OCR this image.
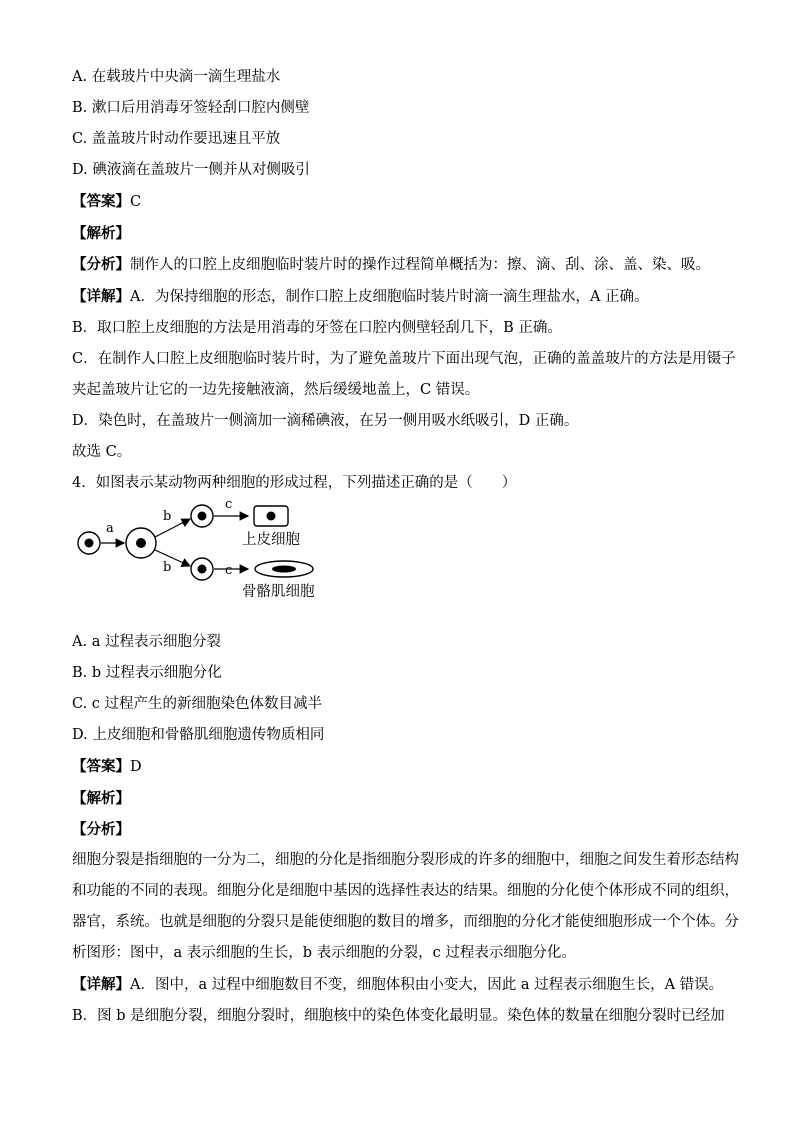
A. 在载玻片中央滴一滴生理盐水
B. 漱口后用消毒牙签轻刮口腔内侧壁
C. 盖盖玻片时动作要迅速且平放
D. 碘液滴在盖玻片一侧并从对侧吸引
【答案】C
【解析】
【分析】制作人的口腔上皮细胞临时装片时的操作过程简单概括为：擦、滴、刮、涂、盖、染、吸。
【详解】A．为保持细胞的形态，制作口腔上皮细胞临时装片时滴一滴生理盐水，A 正确。
B．取口腔上皮细胞的方法是用消毒的牙签在口腔内侧壁轻刮几下，B 正确。
C．在制作人口腔上皮细胞临时装片时，为了避免盖玻片下面出现气泡，正确的盖盖玻片的方法是用镊子
夹起盖玻片让它的一边先接触液滴，然后缓缓地盖上，C 错误。
D．染色时，在盖玻片一侧滴加一滴稀碘液，在另一侧用吸水纸吸引，D 正确。
故选 C。
4．如图表示某动物两种细胞的形成过程，下列描述正确的是（　　）
a
b
b
c
c
上皮细胞
骨骼肌细胞
A. a 过程表示细胞分裂
B. b 过程表示细胞分化
C. c 过程产生的新细胞染色体数目减半
D. 上皮细胞和骨骼肌细胞遗传物质相同
【答案】D
【解析】
【分析】
细胞分裂是指细胞的一分为二，细胞的分化是指细胞分裂形成的许多的细胞中，细胞之间发生着形态结构
和功能的不同的表现。细胞分化是细胞中基因的选择性表达的结果。细胞的分化使个体形成不同的组织，
器官，系统。也就是细胞的分裂只是能使细胞的数目的增多，而细胞的分化才能使细胞形成一个个体。分
析图形：图中，a 表示细胞的生长，b 表示细胞的分裂，c 过程表示细胞分化。
【详解】A．图中，a 过程中细胞数目不变，细胞体积由小变大，因此 a 过程表示细胞生长，A 错误。
B．图 b 是细胞分裂，细胞分裂时，细胞核中的染色体变化最明显。染色体的数量在细胞分裂时已经加
